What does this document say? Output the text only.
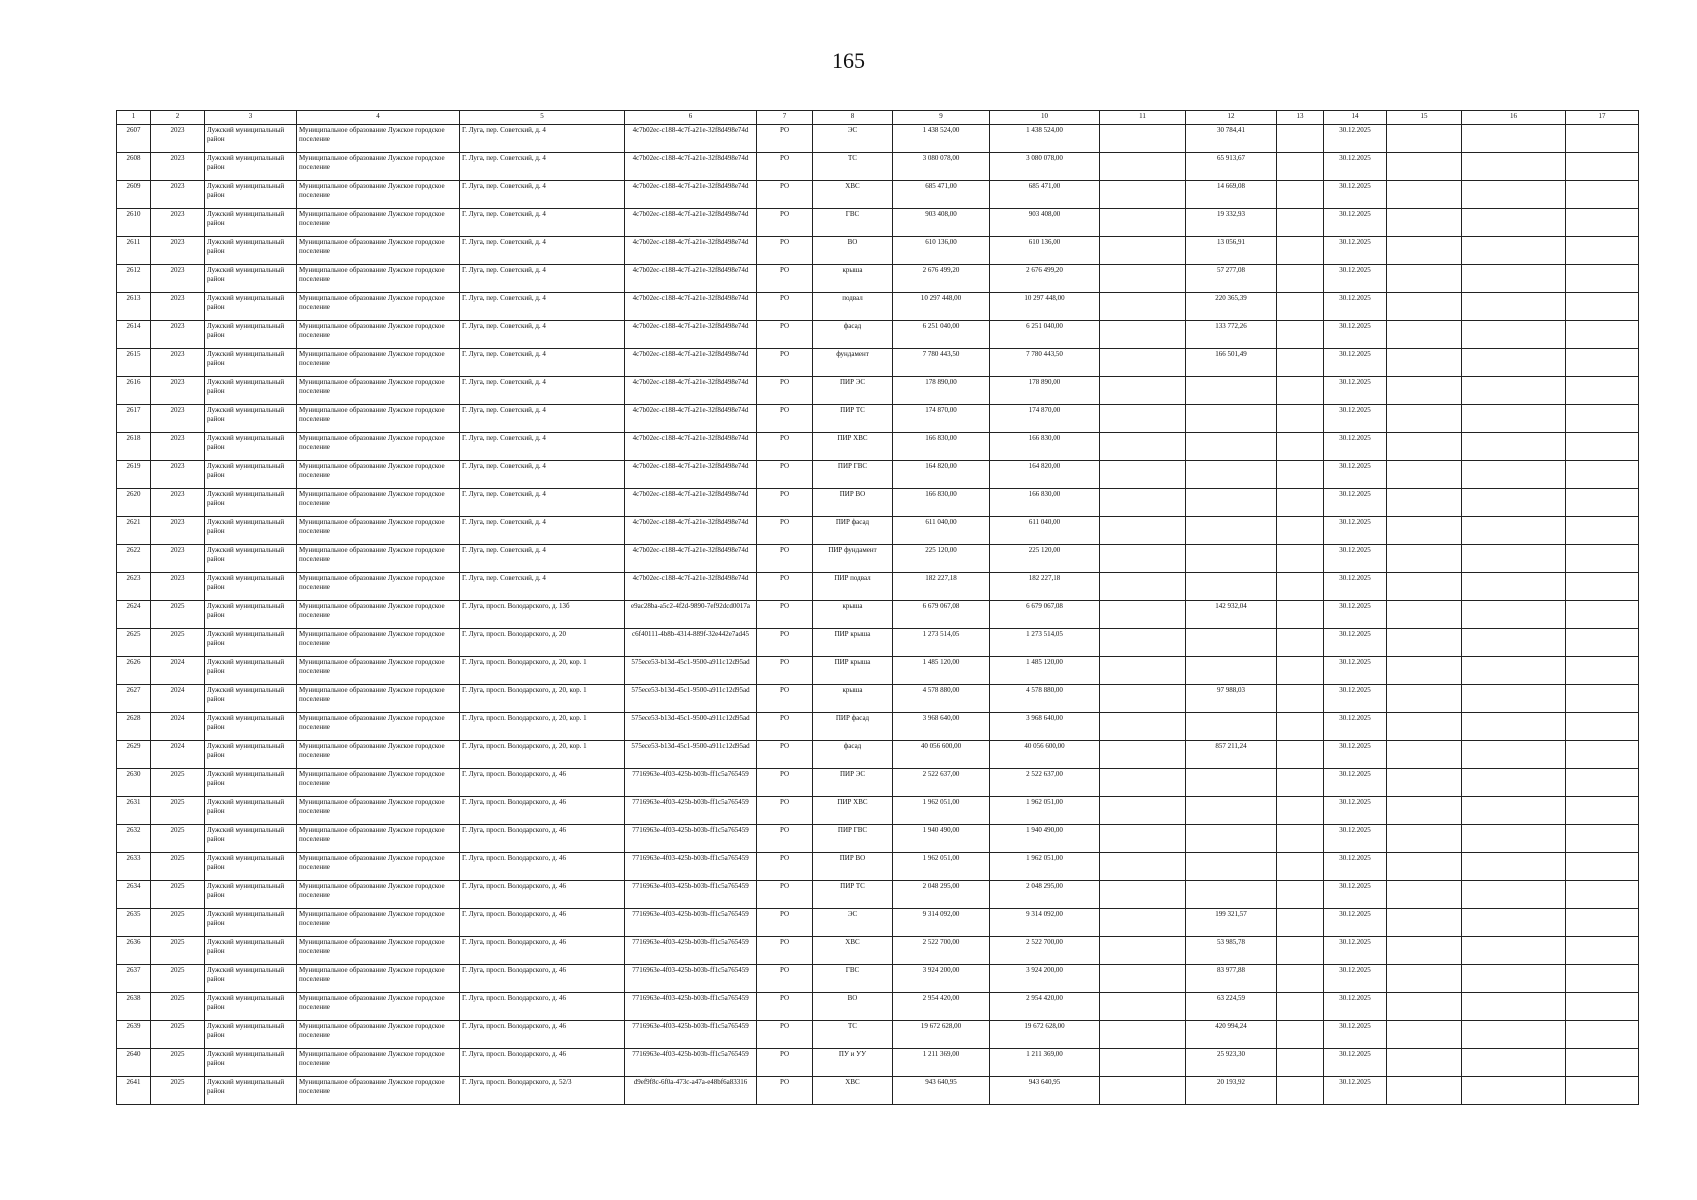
165
1	2	3	4	5	6	7	8	9	10	11	12	13	14	15	16	17
2607	2023	Лужский муниципальный район	Муниципальное образование Лужское городское поселение	Г. Луга, пер. Советский, д. 4	4c7b02ec-c188-4c7f-a21e-32f8d498e74d	РО	ЭС	1 438 524,00	1 438 524,00		30 784,41		30.12.2025			
2608	2023	Лужский муниципальный район	Муниципальное образование Лужское городское поселение	Г. Луга, пер. Советский, д. 4	4c7b02ec-c188-4c7f-a21e-32f8d498e74d	РО	ТС	3 080 078,00	3 080 078,00		65 913,67		30.12.2025			
2609	2023	Лужский муниципальный район	Муниципальное образование Лужское городское поселение	Г. Луга, пер. Советский, д. 4	4c7b02ec-c188-4c7f-a21e-32f8d498e74d	РО	ХВС	685 471,00	685 471,00		14 669,08		30.12.2025			
2610	2023	Лужский муниципальный район	Муниципальное образование Лужское городское поселение	Г. Луга, пер. Советский, д. 4	4c7b02ec-c188-4c7f-a21e-32f8d498e74d	РО	ГВС	903 408,00	903 408,00		19 332,93		30.12.2025			
2611	2023	Лужский муниципальный район	Муниципальное образование Лужское городское поселение	Г. Луга, пер. Советский, д. 4	4c7b02ec-c188-4c7f-a21e-32f8d498e74d	РО	ВО	610 136,00	610 136,00		13 056,91		30.12.2025			
2612	2023	Лужский муниципальный район	Муниципальное образование Лужское городское поселение	Г. Луга, пер. Советский, д. 4	4c7b02ec-c188-4c7f-a21e-32f8d498e74d	РО	крыша	2 676 499,20	2 676 499,20		57 277,08		30.12.2025			
2613	2023	Лужский муниципальный район	Муниципальное образование Лужское городское поселение	Г. Луга, пер. Советский, д. 4	4c7b02ec-c188-4c7f-a21e-32f8d498e74d	РО	подвал	10 297 448,00	10 297 448,00		220 365,39		30.12.2025			
2614	2023	Лужский муниципальный район	Муниципальное образование Лужское городское поселение	Г. Луга, пер. Советский, д. 4	4c7b02ec-c188-4c7f-a21e-32f8d498e74d	РО	фасад	6 251 040,00	6 251 040,00		133 772,26		30.12.2025			
2615	2023	Лужский муниципальный район	Муниципальное образование Лужское городское поселение	Г. Луга, пер. Советский, д. 4	4c7b02ec-c188-4c7f-a21e-32f8d498e74d	РО	фундамент	7 780 443,50	7 780 443,50		166 501,49		30.12.2025			
2616	2023	Лужский муниципальный район	Муниципальное образование Лужское городское поселение	Г. Луга, пер. Советский, д. 4	4c7b02ec-c188-4c7f-a21e-32f8d498e74d	РО	ПИР ЭС	178 890,00	178 890,00				30.12.2025			
2617	2023	Лужский муниципальный район	Муниципальное образование Лужское городское поселение	Г. Луга, пер. Советский, д. 4	4c7b02ec-c188-4c7f-a21e-32f8d498e74d	РО	ПИР ТС	174 870,00	174 870,00				30.12.2025			
2618	2023	Лужский муниципальный район	Муниципальное образование Лужское городское поселение	Г. Луга, пер. Советский, д. 4	4c7b02ec-c188-4c7f-a21e-32f8d498e74d	РО	ПИР ХВС	166 830,00	166 830,00				30.12.2025			
2619	2023	Лужский муниципальный район	Муниципальное образование Лужское городское поселение	Г. Луга, пер. Советский, д. 4	4c7b02ec-c188-4c7f-a21e-32f8d498e74d	РО	ПИР ГВС	164 820,00	164 820,00				30.12.2025			
2620	2023	Лужский муниципальный район	Муниципальное образование Лужское городское поселение	Г. Луга, пер. Советский, д. 4	4c7b02ec-c188-4c7f-a21e-32f8d498e74d	РО	ПИР ВО	166 830,00	166 830,00				30.12.2025			
2621	2023	Лужский муниципальный район	Муниципальное образование Лужское городское поселение	Г. Луга, пер. Советский, д. 4	4c7b02ec-c188-4c7f-a21e-32f8d498e74d	РО	ПИР фасад	611 040,00	611 040,00				30.12.2025			
2622	2023	Лужский муниципальный район	Муниципальное образование Лужское городское поселение	Г. Луга, пер. Советский, д. 4	4c7b02ec-c188-4c7f-a21e-32f8d498e74d	РО	ПИР фундамент	225 120,00	225 120,00				30.12.2025			
2623	2023	Лужский муниципальный район	Муниципальное образование Лужское городское поселение	Г. Луга, пер. Советский, д. 4	4c7b02ec-c188-4c7f-a21e-32f8d498e74d	РО	ПИР подвал	182 227,18	182 227,18				30.12.2025			
2624	2025	Лужский муниципальный район	Муниципальное образование Лужское городское поселение	Г. Луга, просп. Володарского, д. 13б	e9ac28ba-a5c2-4f2d-9890-7ef92dcd0017a	РО	крыша	6 679 067,08	6 679 067,08		142 932,04		30.12.2025			
2625	2025	Лужский муниципальный район	Муниципальное образование Лужское городское поселение	Г. Луга, просп. Володарского, д. 20	c6f40111-4b8b-4314-889f-32e442e7ad45	РО	ПИР крыша	1 273 514,05	1 273 514,05				30.12.2025			
2626	2024	Лужский муниципальный район	Муниципальное образование Лужское городское поселение	Г. Луга, просп. Володарского, д. 20, кор. 1	575ece53-b13d-45c1-9500-a911c12d95ad	РО	ПИР крыша	1 485 120,00	1 485 120,00				30.12.2025			
2627	2024	Лужский муниципальный район	Муниципальное образование Лужское городское поселение	Г. Луга, просп. Володарского, д. 20, кор. 1	575ece53-b13d-45c1-9500-a911c12d95ad	РО	крыша	4 578 880,00	4 578 880,00		97 988,03		30.12.2025			
2628	2024	Лужский муниципальный район	Муниципальное образование Лужское городское поселение	Г. Луга, просп. Володарского, д. 20, кор. 1	575ece53-b13d-45c1-9500-a911c12d95ad	РО	ПИР фасад	3 968 640,00	3 968 640,00				30.12.2025			
2629	2024	Лужский муниципальный район	Муниципальное образование Лужское городское поселение	Г. Луга, просп. Володарского, д. 20, кор. 1	575ece53-b13d-45c1-9500-a911c12d95ad	РО	фасад	40 056 600,00	40 056 600,00		857 211,24		30.12.2025			
2630	2025	Лужский муниципальный район	Муниципальное образование Лужское городское поселение	Г. Луга, просп. Володарского, д. 46	7716963e-4f03-425b-b03b-ff1c5a765459	РО	ПИР ЭС	2 522 637,00	2 522 637,00				30.12.2025			
2631	2025	Лужский муниципальный район	Муниципальное образование Лужское городское поселение	Г. Луга, просп. Володарского, д. 46	7716963e-4f03-425b-b03b-ff1c5a765459	РО	ПИР ХВС	1 962 051,00	1 962 051,00				30.12.2025			
2632	2025	Лужский муниципальный район	Муниципальное образование Лужское городское поселение	Г. Луга, просп. Володарского, д. 46	7716963e-4f03-425b-b03b-ff1c5a765459	РО	ПИР ГВС	1 940 490,00	1 940 490,00				30.12.2025			
2633	2025	Лужский муниципальный район	Муниципальное образование Лужское городское поселение	Г. Луга, просп. Володарского, д. 46	7716963e-4f03-425b-b03b-ff1c5a765459	РО	ПИР ВО	1 962 051,00	1 962 051,00				30.12.2025			
2634	2025	Лужский муниципальный район	Муниципальное образование Лужское городское поселение	Г. Луга, просп. Володарского, д. 46	7716963e-4f03-425b-b03b-ff1c5a765459	РО	ПИР ТС	2 048 295,00	2 048 295,00				30.12.2025			
2635	2025	Лужский муниципальный район	Муниципальное образование Лужское городское поселение	Г. Луга, просп. Володарского, д. 46	7716963e-4f03-425b-b03b-ff1c5a765459	РО	ЭС	9 314 092,00	9 314 092,00		199 321,57		30.12.2025			
2636	2025	Лужский муниципальный район	Муниципальное образование Лужское городское поселение	Г. Луга, просп. Володарского, д. 46	7716963e-4f03-425b-b03b-ff1c5a765459	РО	ХВС	2 522 700,00	2 522 700,00		53 985,78		30.12.2025			
2637	2025	Лужский муниципальный район	Муниципальное образование Лужское городское поселение	Г. Луга, просп. Володарского, д. 46	7716963e-4f03-425b-b03b-ff1c5a765459	РО	ГВС	3 924 200,00	3 924 200,00		83 977,88		30.12.2025			
2638	2025	Лужский муниципальный район	Муниципальное образование Лужское городское поселение	Г. Луга, просп. Володарского, д. 46	7716963e-4f03-425b-b03b-ff1c5a765459	РО	ВО	2 954 420,00	2 954 420,00		63 224,59		30.12.2025			
2639	2025	Лужский муниципальный район	Муниципальное образование Лужское городское поселение	Г. Луга, просп. Володарского, д. 46	7716963e-4f03-425b-b03b-ff1c5a765459	РО	ТС	19 672 628,00	19 672 628,00		420 994,24		30.12.2025			
2640	2025	Лужский муниципальный район	Муниципальное образование Лужское городское поселение	Г. Луга, просп. Володарского, д. 46	7716963e-4f03-425b-b03b-ff1c5a765459	РО	ПУ и УУ	1 211 369,00	1 211 369,00		25 923,30		30.12.2025			
2641	2025	Лужский муниципальный район	Муниципальное образование Лужское городское поселение	Г. Луга, просп. Володарского, д. 52/3	d9ef9f8c-6f0a-473c-a47a-e48bf6a83316	РО	ХВС	943 640,95	943 640,95		20 193,92		30.12.2025			
